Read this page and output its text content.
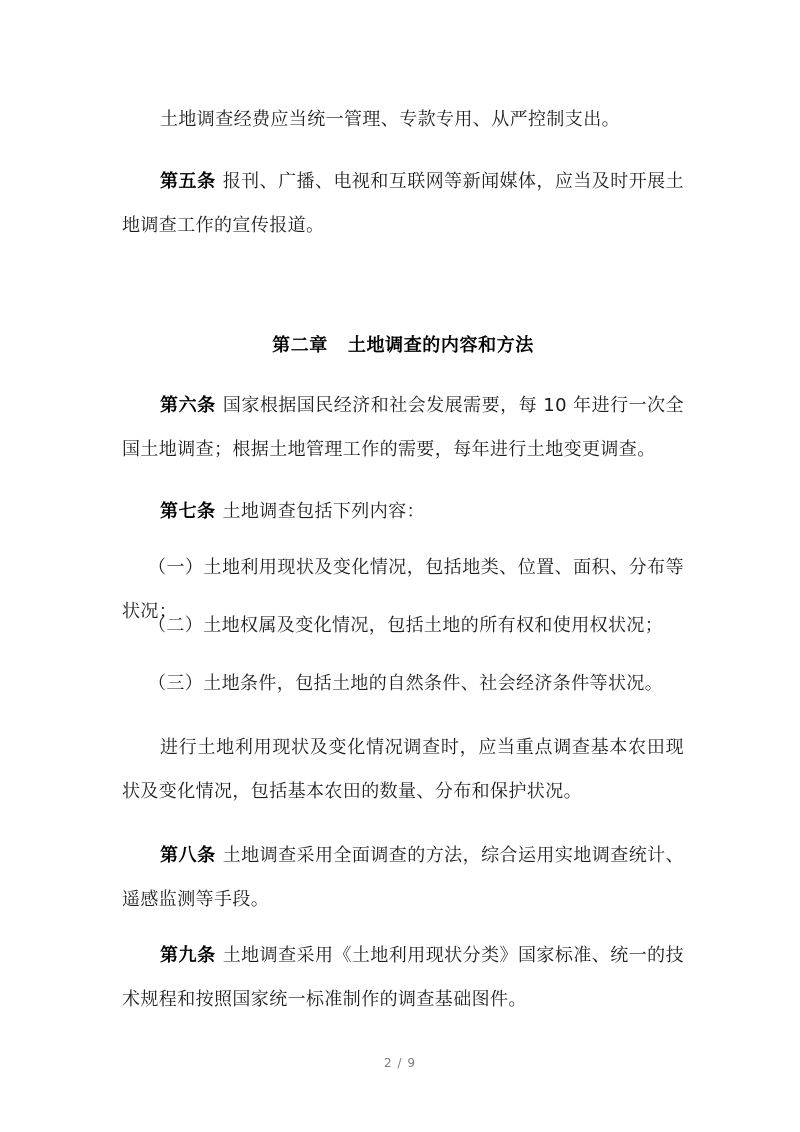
土地调查经费应当统一管理、专款专用、从严控制支出。

第五条 报刊、广播、电视和互联网等新闻媒体，应当及时开展土地调查工作的宣传报道。

第二章 土地调查的内容和方法

第六条 国家根据国民经济和社会发展需要，每 10 年进行一次全国土地调查；根据土地管理工作的需要，每年进行土地变更调查。

第七条 土地调查包括下列内容：

（一）土地利用现状及变化情况，包括地类、位置、面积、分布等状况；

（二）土地权属及变化情况，包括土地的所有权和使用权状况；

（三）土地条件，包括土地的自然条件、社会经济条件等状况。

进行土地利用现状及变化情况调查时，应当重点调查基本农田现状及变化情况，包括基本农田的数量、分布和保护状况。

第八条 土地调查采用全面调查的方法，综合运用实地调查统计、遥感监测等手段。

第九条 土地调查采用《土地利用现状分类》国家标准、统一的技术规程和按照国家统一标准制作的调查基础图件。

2 / 9
